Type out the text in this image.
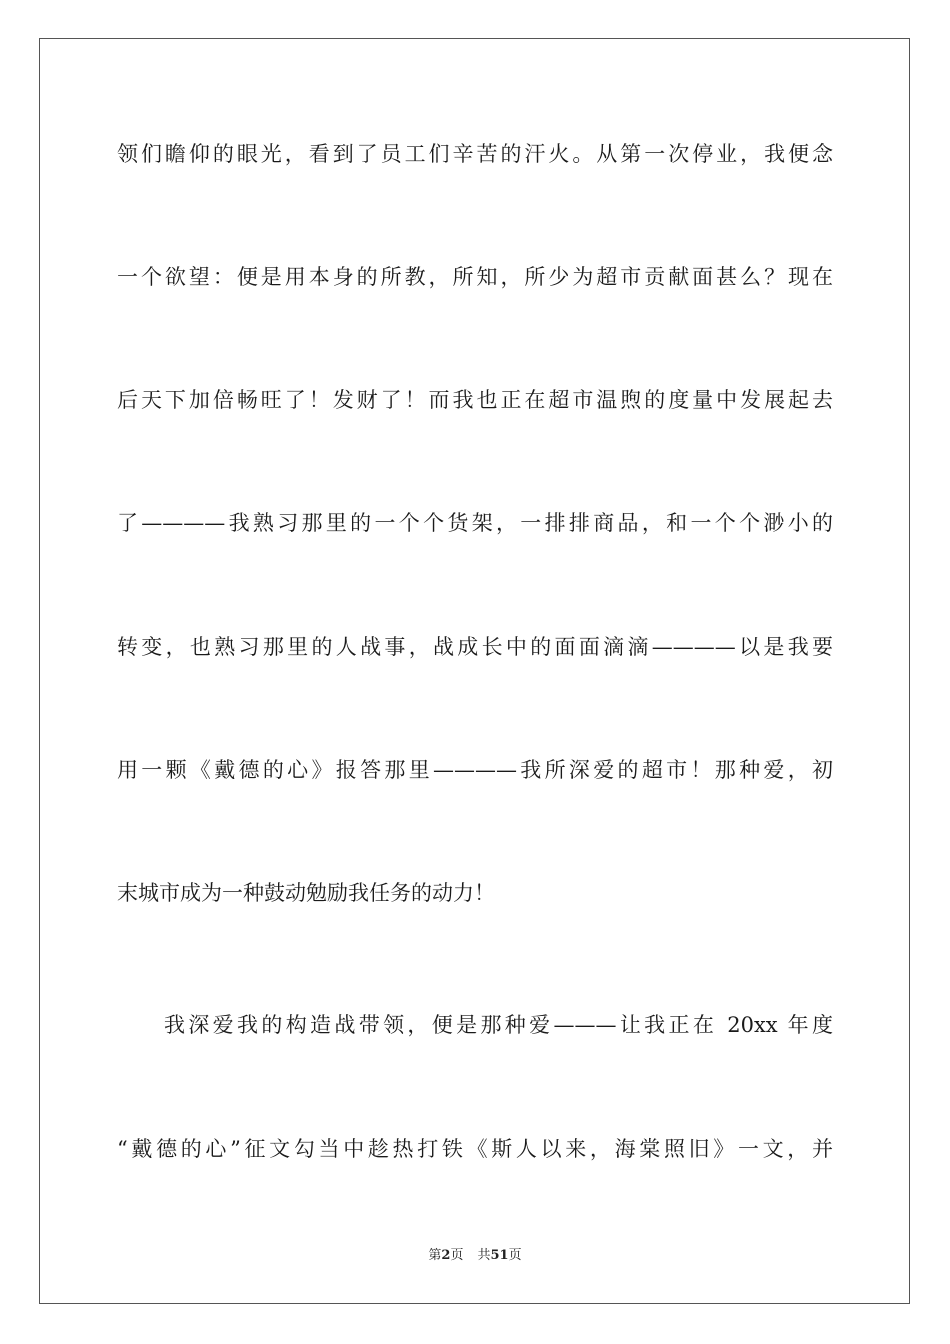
领们瞻仰的眼光，看到了员工们辛苦的汗火。从第一次停业，我便念
一个欲望：便是用本身的所教，所知，所少为超市贡献面甚么？现在
后天下加倍畅旺了！发财了！而我也正在超市温煦的度量中发展起去
了————我熟习那里的一个个货架，一排排商品，和一个个渺小的
转变，也熟习那里的人战事，战成长中的面面滴滴————以是我要
用一颗《戴德的心》报答那里————我所深爱的超市！那种爱，初
末城市成为一种鼓动勉励我任务的动力！
我深爱我的构造战带领，便是那种爱———让我正在 20xx 年度
“戴德的心”征文勾当中趁热打铁《斯人以来，海棠照旧》一文，并
第2页 共51页
